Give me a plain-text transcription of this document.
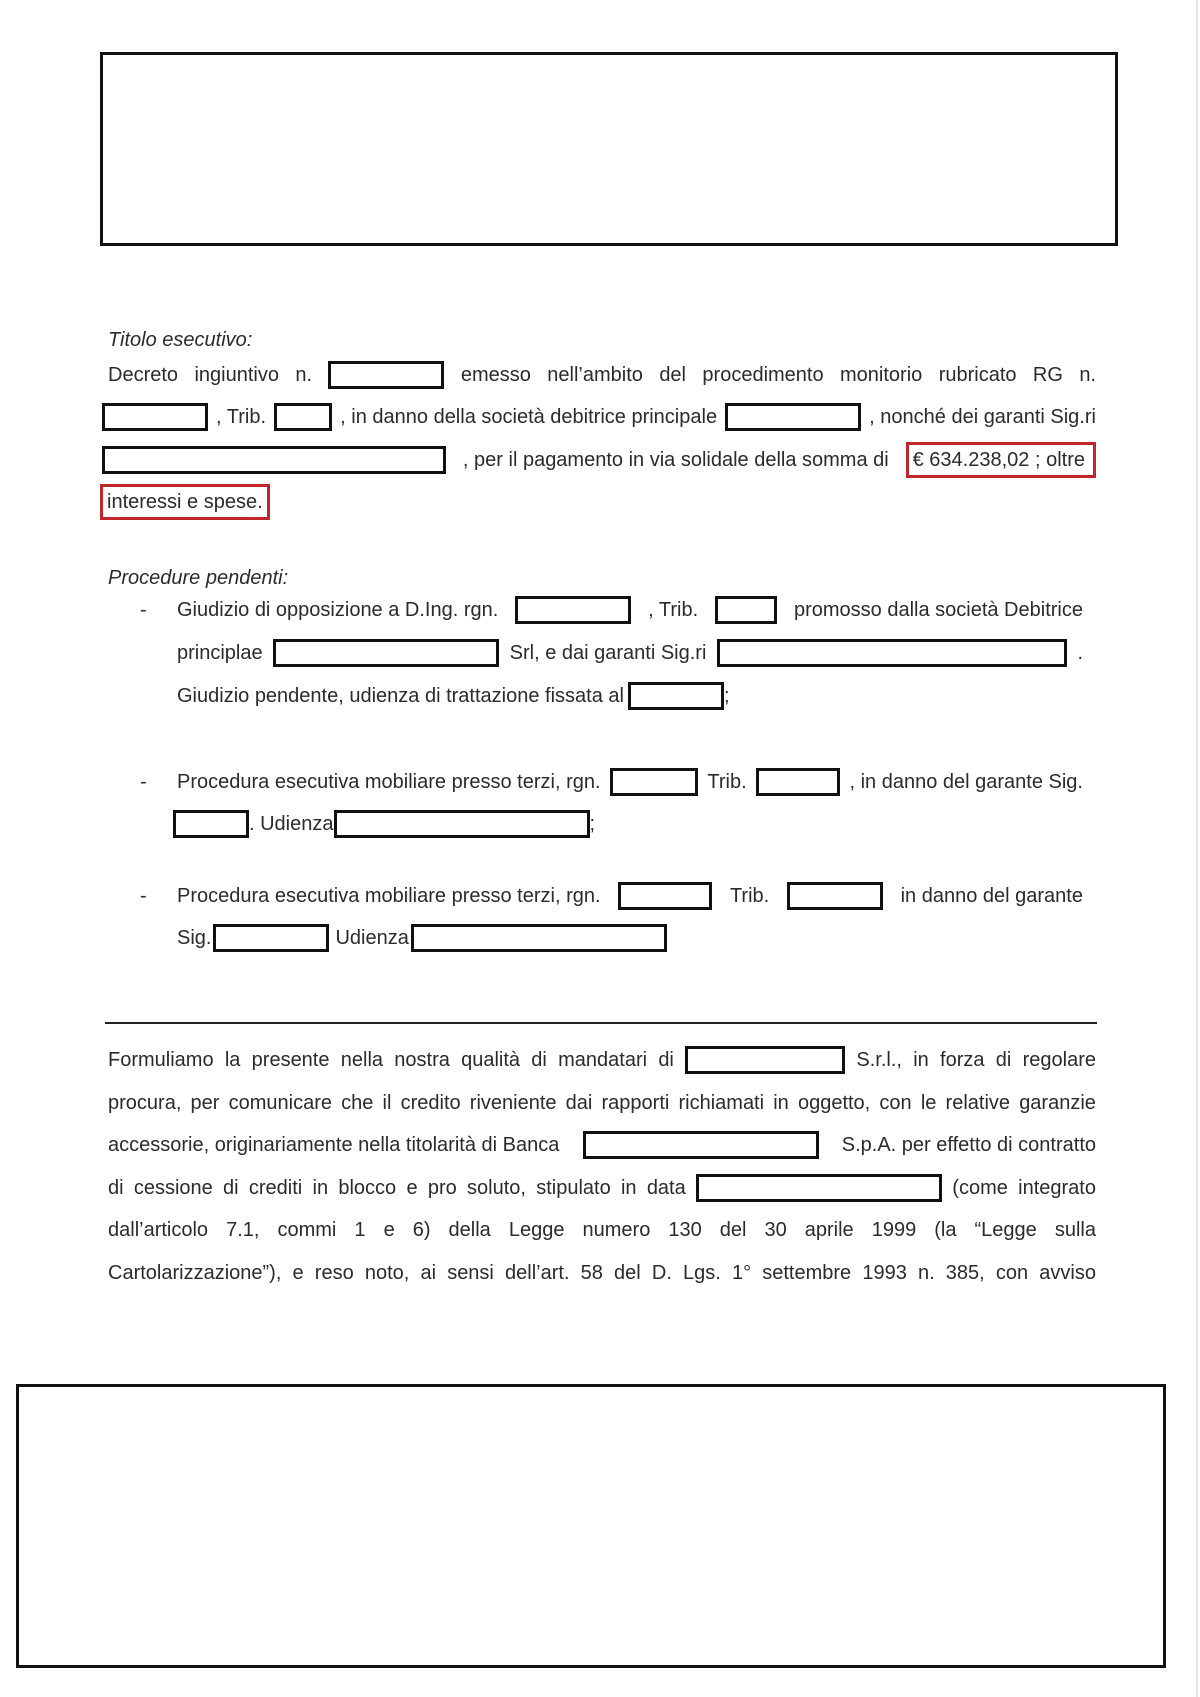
Titolo esecutivo:
Decreto ingiuntivo n.	emesso nell’ambito del procedimento monitorio rubricato RG n.
, Trib.	, in danno della società debitrice principale	, nonché dei garanti Sig.ri
, per il pagamento in via solidale della somma di	€ 634.238,02 ; oltre
interessi e spese.
Procedure pendenti:
- Giudizio di opposizione a D.Ing. rgn.	, Trib.	promosso dalla società Debitrice
principlae	Srl, e dai garanti Sig.ri	.
Giudizio pendente, udienza di trattazione fissata al	;
- Procedura esecutiva mobiliare presso terzi, rgn.	Trib.	, in danno del garante Sig.
. Udienza	;
- Procedura esecutiva mobiliare presso terzi, rgn.	Trib.	in danno del garante
Sig.	Udienza
Formuliamo la presente nella nostra qualità di mandatari di	S.r.l., in forza di regolare
procura, per comunicare che il credito riveniente dai rapporti richiamati in oggetto, con le relative garanzie
accessorie, originariamente nella titolarità di Banca	S.p.A. per effetto di contratto
di cessione di crediti in blocco e pro soluto, stipulato in data	(come integrato
dall’articolo 7.1, commi 1 e 6) della Legge numero 130 del 30 aprile 1999 (la “Legge sulla
Cartolarizzazione”), e reso noto, ai sensi dell’art. 58 del D. Lgs. 1° settembre 1993 n. 385, con avviso
